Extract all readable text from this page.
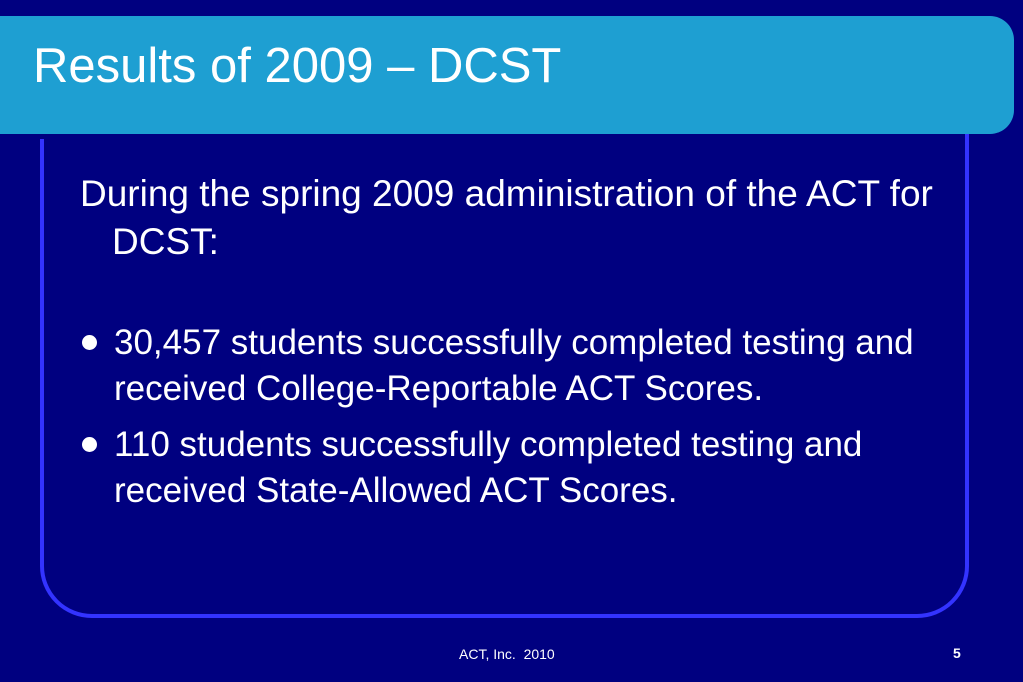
Results of 2009 – DCST

During the spring 2009 administration of the ACT for DCST:

30,457 students successfully completed testing and received College-Reportable ACT Scores.
110 students successfully completed testing and received State-Allowed ACT Scores.
ACT, Inc.  2010	5
